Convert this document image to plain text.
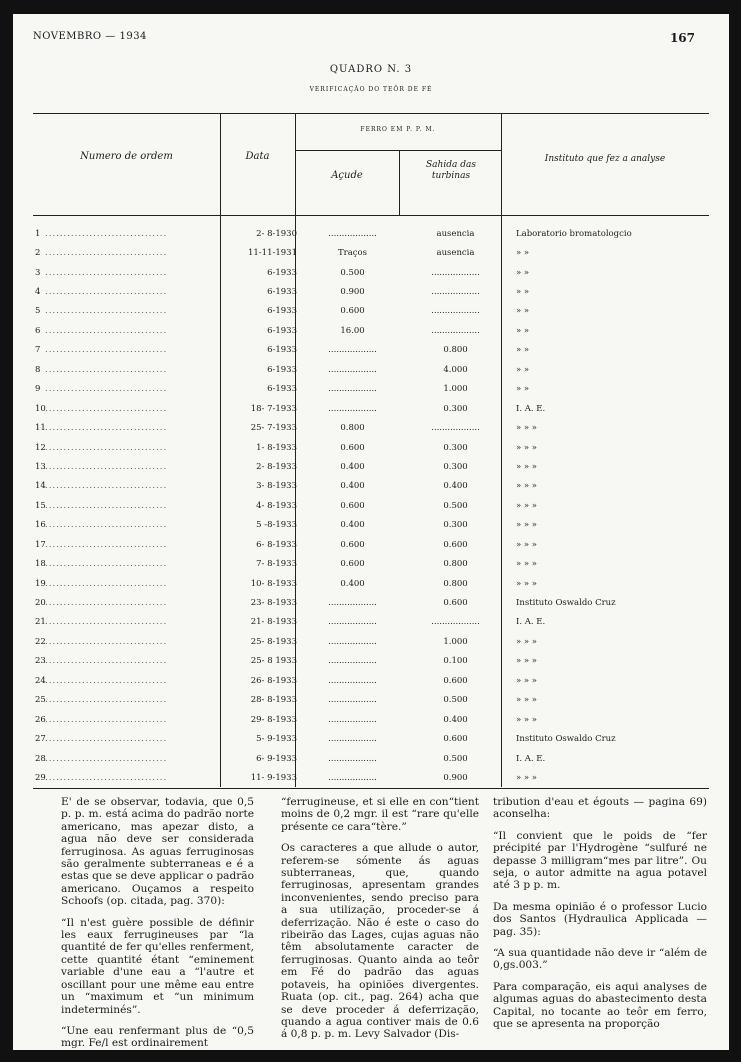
NOVEMBRO — 1934	167
QUADRO N. 3
VERIFICAÇÃO DO TEÔR DE FÉ
Numero de ordem	Data
FERRO EM P. P. M.
Açude
Sahida das turbinas
Instituto que fez a analyse
1 .................................	2- 8-1930	..................	ausencia	Laboratorio bromatologcio
2 .................................	11-11-1931	Traços	ausencia	» »
3 .................................	6-1933	0.500	..................	» »
4 .................................	6-1933	0.900	..................	» »
5 .................................	6-1933	0.600	..................	» »
6 .................................	6-1933	16.00	..................	» »
7 .................................	6-1933	..................	0.800	» »
8 .................................	6-1933	..................	4.000	» »
9 .................................	6-1933	..................	1.000	» »
10.................................	18- 7-1933	..................	0.300	I. A. E.
11.................................	25- 7-1933	0.800	..................	» » »
12.................................	1- 8-1933	0.600	0.300	» » »
13.................................	2- 8-1933	0.400	0.300	» » »
14.................................	3- 8-1933	0.400	0.400	» » »
15.................................	4- 8-1933	0.600	0.500	» » »
16.................................	5 -8-1933	0.400	0.300	» » »
17.................................	6- 8-1933	0.600	0.600	» » »
18.................................	7- 8-1933	0.600	0.800	» » »
19.................................	10- 8-1933	0.400	0.800	» » »
20.................................	23- 8-1933	..................	0.600	Instituto Oswaldo Cruz
21.................................	21- 8-1933	..................	..................	I. A. E.
22.................................	25- 8-1933	..................	1.000	» » »
23.................................	25- 8 1933	..................	0.100	» » »
24.................................	26- 8-1933	..................	0.600	» » »
25.................................	28- 8-1933	..................	0.500	» » »
26.................................	29- 8-1933	..................	0.400	» » »
27.................................	5- 9-1933	..................	0.600	Instituto Oswaldo Cruz
28.................................	6- 9-1933	..................	0.500	I. A. E.
29.................................	11- 9-1933	..................	0.900	» » »

E' de se observar, todavia, que 0,5 p. p. m. está acima do padrão norte americano, mas apezar disto, a agua não deve ser considerada ferruginosa. As aguas ferruginosas são geralmente subterraneas e é a estas que se deve applicar o padrão americano. Ouçamos a respeito Schoofs (op. citada, pag. 370):

“Il n'est guère possible de définir les eaux ferrugineuses par “la quantité de fer qu'elles renferment, cette quantité étant “eminement variable d'une eau a “l'autre et oscillant pour une même eau entre un “maximum et “un minimum indeterminés”.

“Une eau renfermant plus de “0,5 mgr. Fe/l est ordinairement

“ferrugineuse, et si elle en con“tient moins de 0,2 mgr. il est “rare qu'elle présente ce cara“tère.”

Os caracteres a que allude o autor, referem-se sómente ás aguas subterraneas, que, quando ferruginosas, apresentam grandes inconvenientes, sendo preciso para a sua utilização, proceder-se á deferrização. Não é este o caso do ribeirão das Lages, cujas aguas não têm absolutamente caracter de ferruginosas. Quanto ainda ao teôr em Fé do padrão das aguas potaveis, ha opiniões divergentes. Ruata (op. cit., pag. 264) acha que se deve proceder á deferrização, quando a agua contiver mais de 0.6 á 0,8 p. p. m. Levy Salvador (Dis-

tribution d'eau et égouts — pagina 69) aconselha:

“Il convient que le poids de “fer précipité par l'Hydrogène “sulfuré ne depasse 3 milligram“mes par litre”. Ou seja, o autor admitte na agua potavel até 3 p p. m.

Da mesma opinião é o professor Lucio dos Santos (Hydraulica Applicada — pag. 35):

“A sua quantidade não deve ir “além de 0,gs.003.”

Para comparação, eis aqui analyses de algumas aguas do abastecimento desta Capital, no tocante ao teôr em ferro, que se apresenta na proporção
